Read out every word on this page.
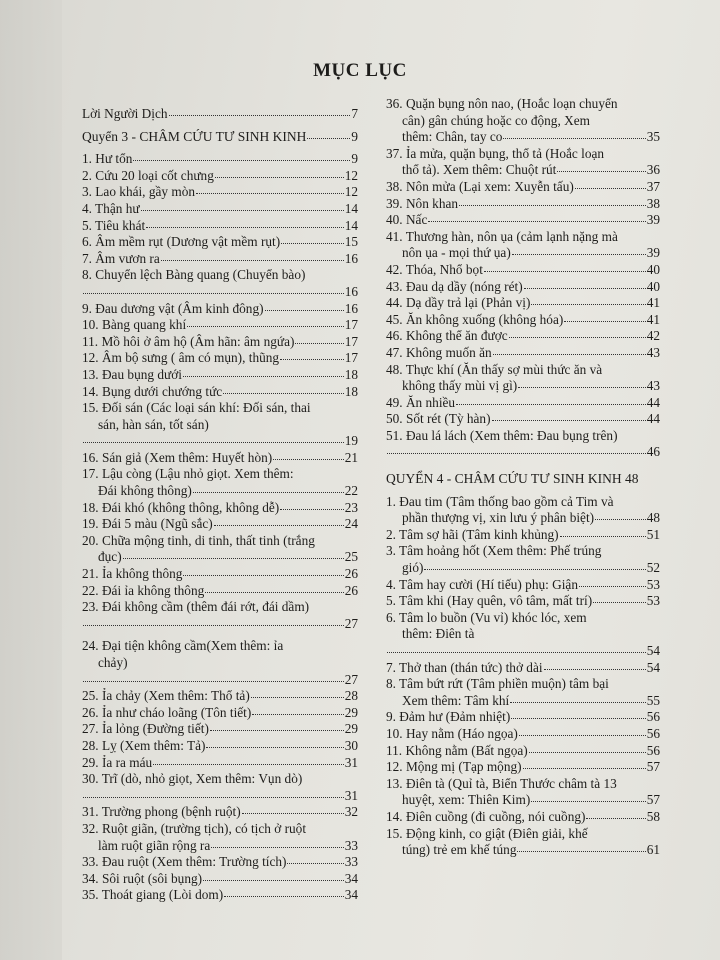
MỤC LỤC
Lời Người Dịch	7
Quyển 3 - CHÂM CỨU TƯ SINH KINH	9
1. Hư tổn	9
2. Cứu 20 loại cốt chưng	12
3. Lao khái, gầy mòn	12
4. Thận hư	14
5. Tiêu khát	14
6. Âm mềm rụt (Dương vật mềm rụt)	15
7. Âm vươn ra	16
8. Chuyển lệch Bàng quang (Chuyển bào)
16
9. Đau dương vật (Âm kinh đông)	16
10. Bàng quang khí	17
11. Mồ hôi ở âm hộ (Âm hãn: âm ngứa)	17
12. Âm bộ sưng ( âm có mụn), thũng	17
13. Đau bụng dưới	18
14. Bụng dưới chướng tức	18
15. Đối sán (Các loại sán khí: Đối sán, thai
sán, hàn sán, tốt sán)
19
16. Sán giả (Xem thêm: Huyết hòn)	21
17. Lậu còng (Lậu nhỏ giọt. Xem thêm:
Đái không thông)	22
18. Đái khó (không thông, không dễ)	23
19. Đái 5 màu (Ngũ sắc)	24
20. Chữa mộng tinh, di tinh, thất tinh (trắng
đục)	25
21. Ỉa không thông	26
22. Đái ỉa không thông	26
23. Đái không cầm (thêm đái rớt, đái dầm)
27
24. Đại tiện không cầm(Xem thêm: ỉa
chảy)
27
25. Ỉa chảy (Xem thêm: Thổ tả)	28
26. Ỉa như cháo loãng (Tôn tiết)	29
27. Ỉa lỏng (Đường tiết)	29
28. Lỵ (Xem thêm: Tả)	30
29. Ỉa ra máu	31
30. Trĩ (dò, nhỏ giọt, Xem thêm: Vụn dò)
31
31. Trường phong (bệnh ruột)	32
32. Ruột giãn, (trường tịch), có tịch ở ruột
làm ruột giãn rộng ra	33
33. Đau ruột (Xem thêm: Trường tích)	33
34. Sôi ruột (sôi bụng)	34
35. Thoát giang (Lòi dom)	34
36. Quặn bụng nôn nao, (Hoắc loạn chuyển
cân) gân chúng hoặc co động, Xem
thêm: Chân, tay co	35
37. Ỉa mửa, quặn bụng, thổ tả (Hoắc loạn
thổ tả). Xem thêm: Chuột rút	36
38. Nôn mửa (Lại xem: Xuyễn tấu)	37
39. Nôn khan	38
40. Nấc	39
41. Thương hàn, nôn ụa (cảm lạnh nặng mà
nôn ụa - mọi thứ ụa)	39
42. Thóa, Nhổ bọt	40
43. Đau dạ dầy (nóng rét)	40
44. Dạ dầy trả lại (Phản vị)	41
45. Ăn không xuống (không hóa)	41
46. Không thể ăn được	42
47. Không muốn ăn	43
48. Thực khí (Ăn thấy sợ mùi thức ăn và
không thấy mùi vị gì)	43
49. Ăn nhiều	44
50. Sốt rét (Tỳ hàn)	44
51. Đau lá lách (Xem thêm: Đau bụng trên)
46
QUYỂN 4 - CHÂM CỨU TƯ SINH KINH 48
1. Đau tim (Tâm thống bao gồm cả Tim và
phần thượng vị, xin lưu ý phân biệt)	48
2. Tâm sợ hãi (Tâm kinh khủng)	51
3. Tâm hoảng hốt (Xem thêm: Phế trúng
gió)	52
4. Tâm hay cười (Hí tiếu) phụ: Giận	53
5. Tâm khi (Hay quên, vô tâm, mất trí)	53
6. Tâm lo buồn (Vu vỉ) khóc lóc, xem
thêm: Điên tà
54
7. Thở than (thán tức) thở dài	54
8. Tâm bứt rứt (Tâm phiền muộn) tâm bại
Xem thêm: Tâm khí	55
9. Đảm hư (Đảm nhiệt)	56
10. Hay nằm (Háo ngọa)	56
11. Không nằm (Bất ngọa)	56
12. Mộng mị (Tạp mộng)	57
13. Điên tà (Quỉ tà, Biển Thước châm tà 13
huyệt, xem: Thiên Kim)	57
14. Điên cuồng (đi cuồng, nói cuồng)	58
15. Động kinh, co giật (Điên giải, khế
túng) trẻ em khế túng	61
